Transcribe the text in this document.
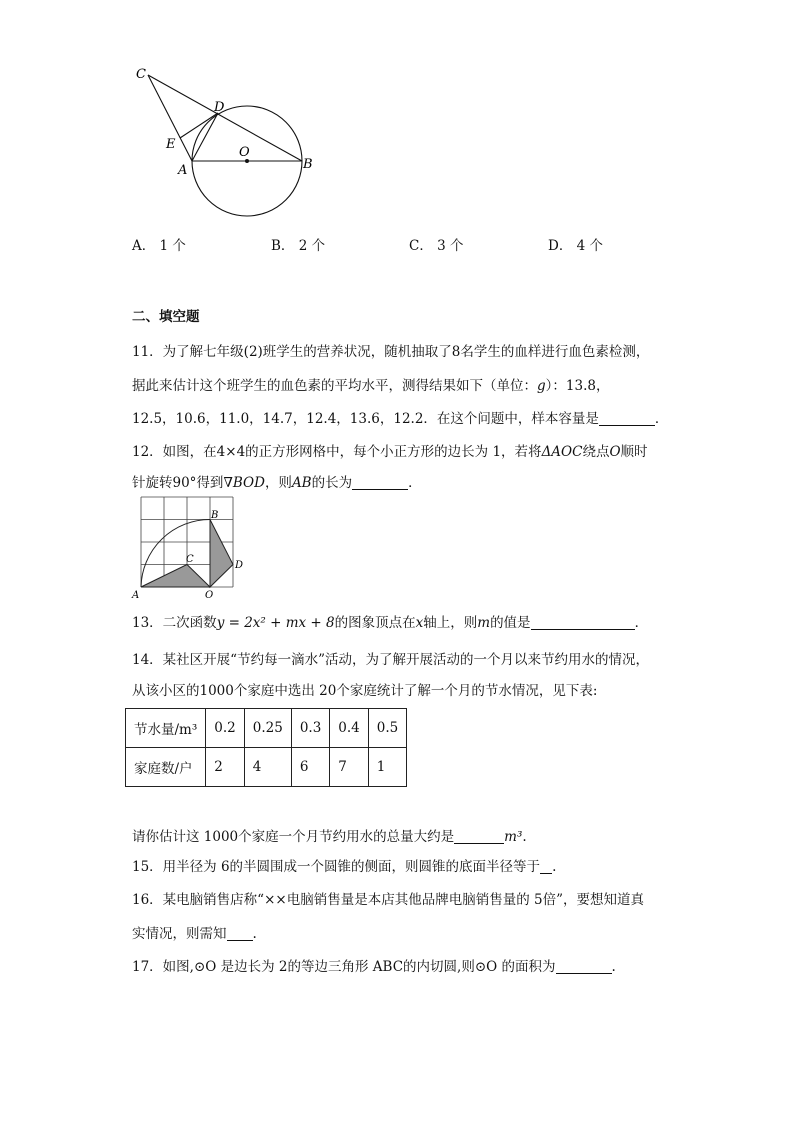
C
D
E
A
O
B
A． 1 个	B． 2 个	C． 3 个	D． 4 个
二、填空题
11．为了解七年级(2)班学生的营养状况，随机抽取了8名学生的血样进行血色素检测，
据此来估计这个班学生的血色素的平均水平，测得结果如下（单位：g）：13.8，
12.5，10.6，11.0，14.7，12.4，13.6，12.2．在这个问题中，样本容量是	．
12．如图，在4×4的正方形网格中，每个小正方形的边长为 1，若将ΔAOC绕点O顺时
针旋转90°得到∇BOD，则AB的长为	．
A	O
C
B
D
13．二次函数y = 2x² + mx + 8的图象顶点在x轴上，则m的值是	．
14．某社区开展“节约每一滴水”活动，为了解开展活动的一个月以来节约用水的情况，
从该小区的1000个家庭中选出 20个家庭统计了解一个月的节水情况，见下表:
节水量/m³	0.2	0.25	0.3	0.4	0.5
家庭数/户	2	4	6	7	1
请你估计这 1000个家庭一个月节约用水的总量大约是	m³.
15．用半径为 6的半圆围成一个圆锥的侧面，则圆锥的底面半径等于 .
16．某电脑销售店称“××电脑销售量是本店其他品牌电脑销售量的 5倍”，要想知道真
实情况，则需知 .
17．如图,⊙O 是边长为 2的等边三角形 ABC的内切圆,则⊙O 的面积为	.
